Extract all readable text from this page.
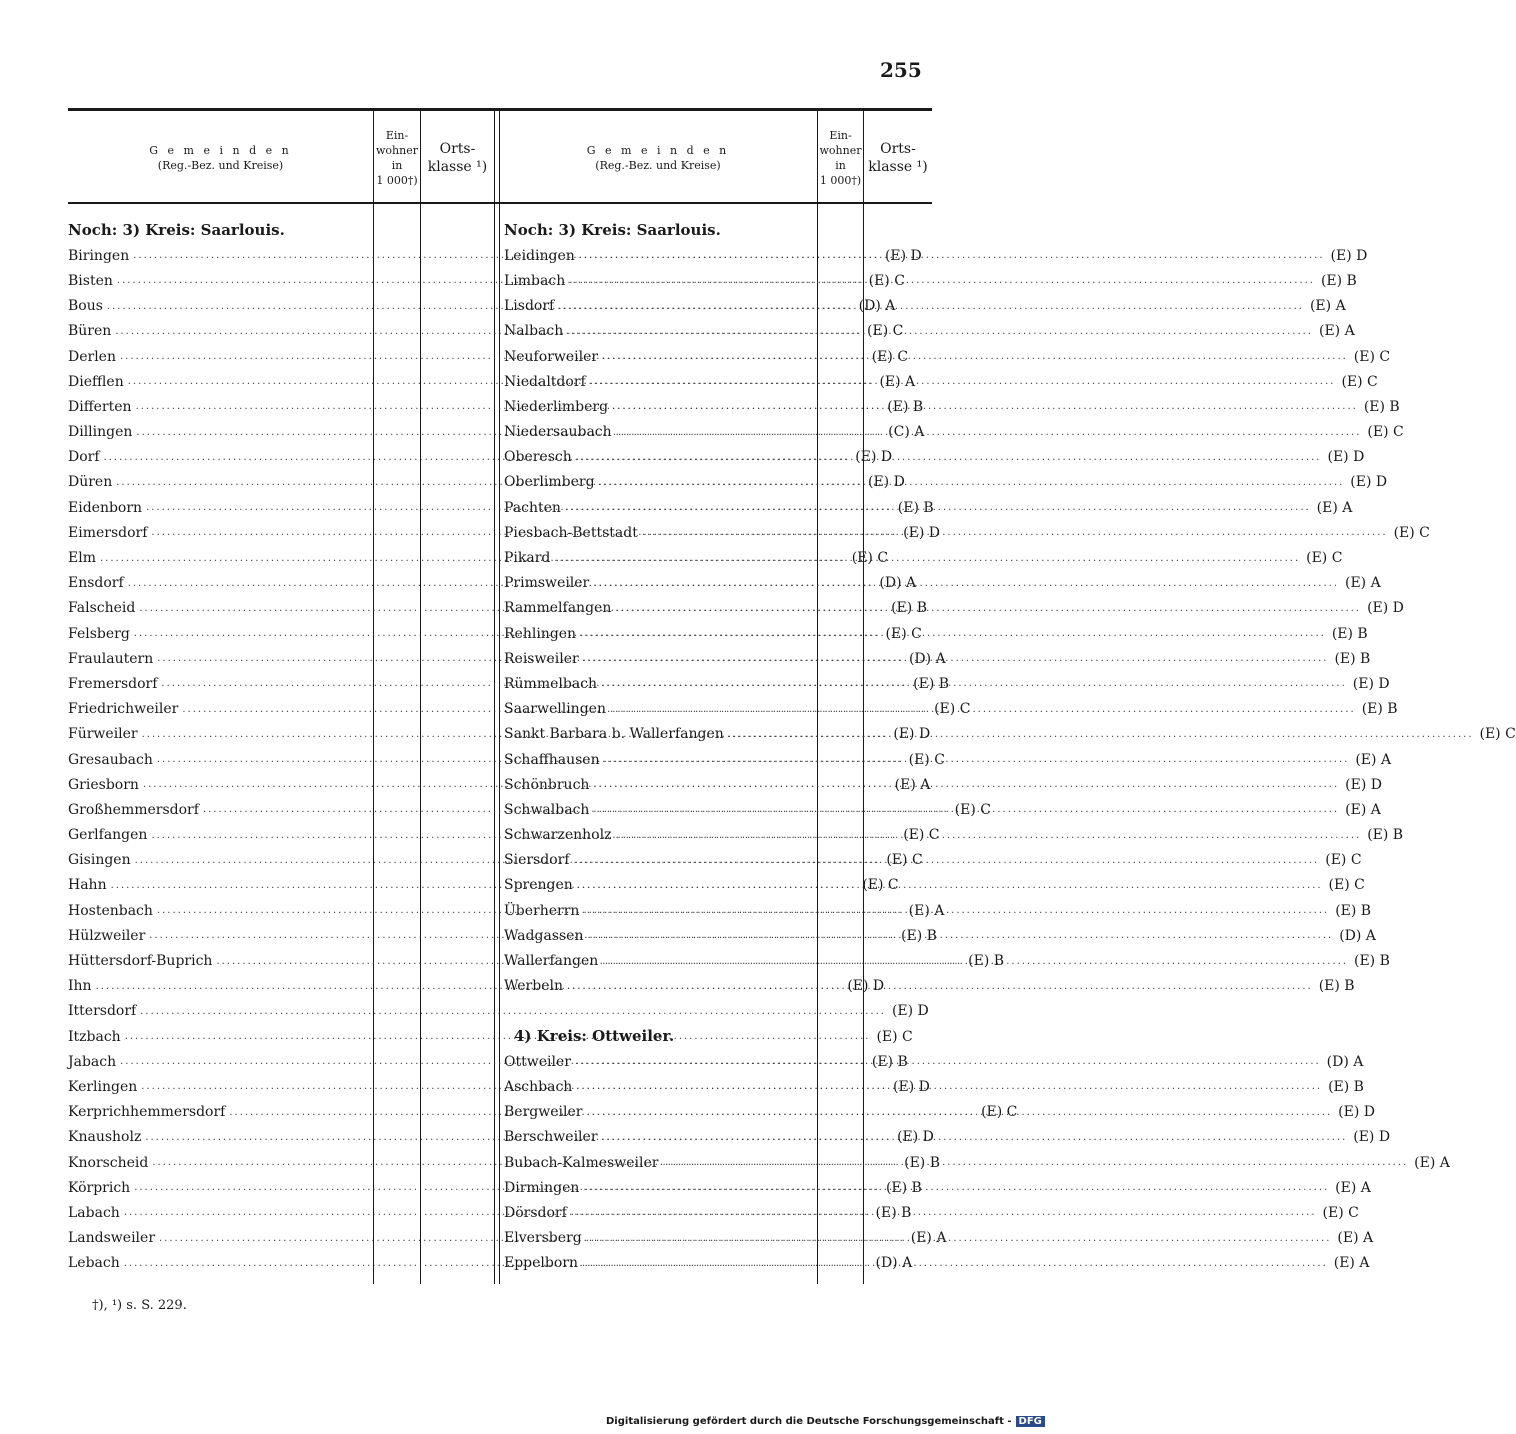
255
G e m e i n d e n
(Reg.-Bez. und Kreise)
Ein-
wohner
in
1 000†)
Orts-
klasse ¹)
G e m e i n d e n
(Reg.-Bez. und Kreise)
Ein-
wohner
in
1 000†)
Orts-
klasse ¹)
Noch: 3) Kreis: Saarlouis.
Biringen .....	(E) D
Bisten .....	(E) C
Bous .....	(D) A
Büren .....	(E) C
Derlen .....	(E) C
Diefflen .....	(E) A
Differten .....	(E) B
Dillingen .....	(C) A
Dorf .....	(E) D
Düren .....	(E) D
Eidenborn .....	(E) B
Eimersdorf .....	(E) D
Elm .....	(E) C
Ensdorf .....	(D) A
Falscheid .....	(E) B
Felsberg .....	(E) C
Fraulautern .....	(D) A
Fremersdorf .....	(E) B
Friedrichweiler .....	(E) C
Fürweiler .....	(E) D
Gresaubach .....	(E) C
Griesborn .....	(E) A
Großhemmersdorf .....	(E) C
Gerlfangen .....	(E) C
Gisingen .....	(E) C
Hahn .....	(E) C
Hostenbach .....	(E) A
Hülzweiler .....	(E) B
Hüttersdorf-Buprich .....	(E) B
Ihn .....	(E) D
Ittersdorf .....	(E) D
Itzbach .....	(E) C
Jabach .....	(E) B
Kerlingen .....	(E) D
Kerprichhemmersdorf .....	(E) C
Knausholz .....	(E) D
Knorscheid .....	(E) B
Körprich .....	(E) B
Labach .....	(E) B
Landsweiler .....	(E) A
Lebach .....	(D) A
Noch: 3) Kreis: Saarlouis.
Leidingen .....	(E) D
Limbach .....	(E) B
Lisdorf .....	(E) A
Nalbach .....	(E) A
Neuforweiler .....	(E) C
Niedaltdorf .....	(E) C
Niederlimberg .....	(E) B
Niedersaubach .....	(E) C
Oberesch .....	(E) D
Oberlimberg .....	(E) D
Pachten .....	(E) A
Piesbach-Bettstadt .....	(E) C
Pikard .....	(E) C
Primsweiler .....	(E) A
Rammelfangen .....	(E) D
Rehlingen .....	(E) B
Reisweiler .....	(E) B
Rümmelbach .....	(E) D
Saarwellingen .....	(E) B
Sankt Barbara b. Wallerfangen .....	(E) C
Schaffhausen .....	(E) A
Schönbruch .....	(E) D
Schwalbach .....	(E) A
Schwarzenholz .....	(E) B
Siersdorf .....	(E) C
Sprengen .....	(E) C
Überherrn .....	(E) B
Wadgassen .....	(D) A
Wallerfangen .....	(E) B
Werbeln .....	(E) B
4) Kreis: Ottweiler.
Ottweiler .....	(D) A
Aschbach .....	(E) B
Bergweiler .....	(E) D
Berschweiler .....	(E) D
Bubach-Kalmesweiler .....	(E) A
Dirmingen .....	(E) A
Dörsdorf .....	(E) C
Elversberg .....	(E) A
Eppelborn .....	(E) A
†), ¹) s. S. 229.
Digitalisierung gefördert durch die Deutsche Forschungsgemeinschaft - DFG
